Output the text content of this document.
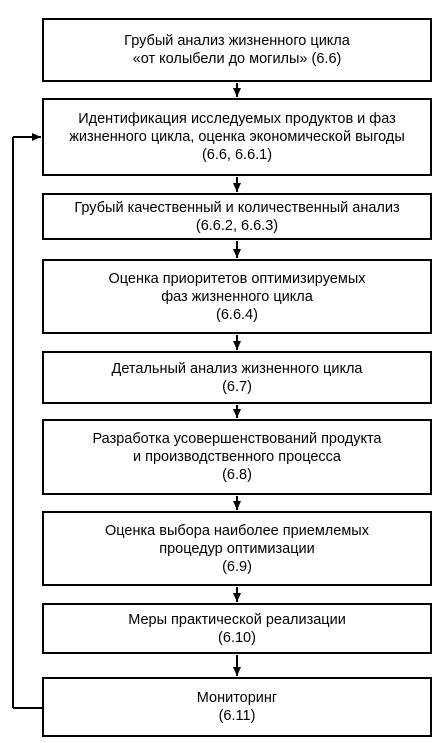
Грубый анализ жизненного цикла
«от колыбели до могилы» (6.6)
Идентификация исследуемых продуктов и фаз
жизненного цикла, оценка экономической выгоды
(6.6, 6.6.1)
Грубый качественный и количественный анализ
(6.6.2, 6.6.3)
Оценка приоритетов оптимизируемых
фаз жизненного цикла
(6.6.4)
Детальный анализ жизненного цикла
(6.7)
Разработка усовершенствований продукта
и производственного процесса
(6.8)
Оценка выбора наиболее приемлемых
процедур оптимизации
(6.9)
Меры практической реализации
(6.10)
Мониторинг
(6.11)
